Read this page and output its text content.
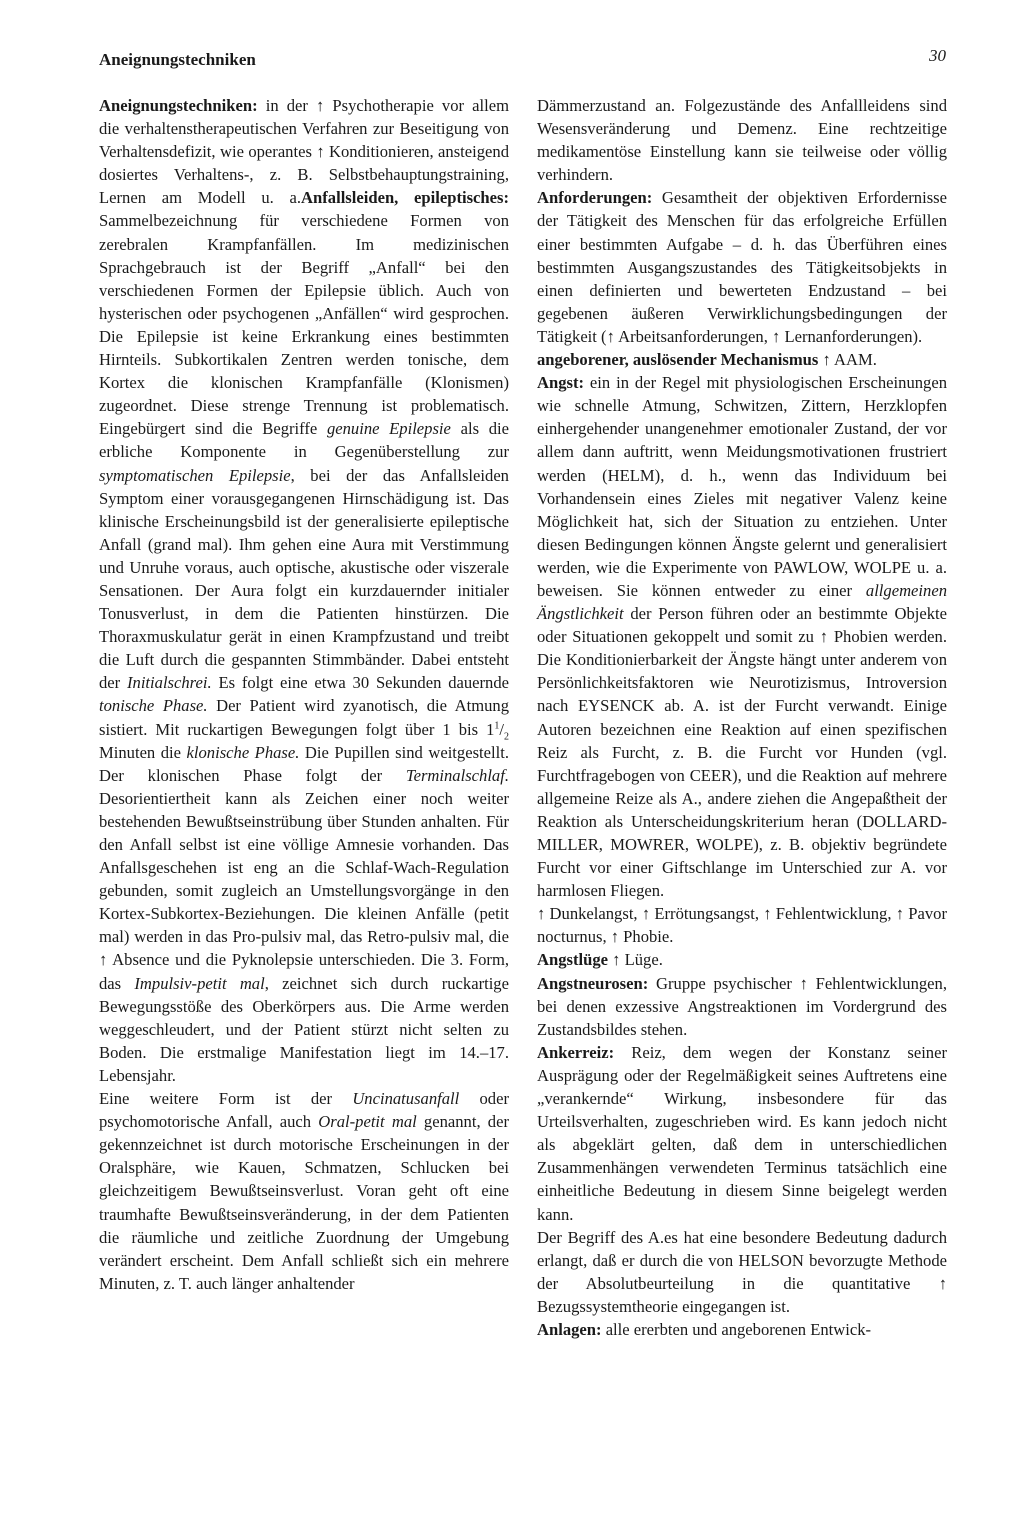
Aneignungstechniken	30

Aneignungstechniken: in der ↑ Psychotherapie vor allem die verhaltenstherapeutischen Verfahren zur Beseitigung von Verhaltensdefizit, wie operantes ↑ Konditionieren, ansteigend dosiertes Verhaltens-, z. B. Selbstbehauptungstraining, Lernen am Modell u. a.Anfallsleiden, epileptisches: Sammelbezeichnung für verschiedene Formen von zerebralen Krampfanfällen. Im medizinischen Sprachgebrauch ist der Begriff „Anfall“ bei den verschiedenen Formen der Epilepsie üblich. Auch von hysterischen oder psychogenen „Anfällen“ wird gesprochen. Die Epilepsie ist keine Erkrankung eines bestimmten Hirnteils. Subkortikalen Zentren werden tonische, dem Kortex die klonischen Krampfanfälle (Klonismen) zugeordnet. Diese strenge Trennung ist problematisch. Eingebürgert sind die Begriffe genuine Epilepsie als die erbliche Komponente in Gegenüberstellung zur symptomatischen Epilepsie, bei der das Anfallsleiden Symptom einer vorausgegangenen Hirnschädigung ist. Das klinische Erscheinungsbild ist der generalisierte epileptische Anfall (grand mal). Ihm gehen eine Aura mit Verstimmung und Unruhe voraus, auch optische, akustische oder viszerale Sensationen. Der Aura folgt ein kurzdauernder initialer Tonusverlust, in dem die Patienten hinstürzen. Die Thoraxmuskulatur gerät in einen Krampfzustand und treibt die Luft durch die gespannten Stimmbänder. Dabei entsteht der Initialschrei. Es folgt eine etwa 30 Sekunden dauernde tonische Phase. Der Patient wird zyanotisch, die Atmung sistiert. Mit ruckartigen Bewegungen folgt über 1 bis $1^1/_2$ Minuten die klonische Phase. Die Pupillen sind weitgestellt. Der klonischen Phase folgt der Terminalschlaf. Desorientiertheit kann als Zeichen einer noch weiter bestehenden Bewußtseinstrübung über Stunden anhalten. Für den Anfall selbst ist eine völlige Amnesie vorhanden. Das Anfallsgeschehen ist eng an die Schlaf-Wach-Regulation gebunden, somit zugleich an Umstellungsvorgänge in den Kortex-Subkortex-Beziehungen. Die kleinen Anfälle (petit mal) werden in das Pro-pulsiv mal, das Retro-pulsiv mal, die ↑ Absence und die Pyknolepsie unterschieden. Die 3. Form, das Impulsiv-petit mal, zeichnet sich durch ruckartige Bewegungsstöße des Oberkörpers aus. Die Arme werden weggeschleudert, und der Patient stürzt nicht selten zu Boden. Die erstmalige Manifestation liegt im 14.–17. Lebensjahr.
Eine weitere Form ist der Uncinatusanfall oder psychomotorische Anfall, auch Oral-petit mal genannt, der gekennzeichnet ist durch motorische Erscheinungen in der Oralsphäre, wie Kauen, Schmatzen, Schlucken bei gleichzeitigem Bewußtseinsverlust. Voran geht oft eine traumhafte Bewußtseinsveränderung, in der dem Patienten die räumliche und zeitliche Zuordnung der Umgebung verändert erscheint. Dem Anfall schließt sich ein mehrere Minuten, z. T. auch länger anhaltender

Dämmerzustand an. Folgezustände des Anfallleidens sind Wesensveränderung und Demenz. Eine rechtzeitige medikamentöse Einstellung kann sie teilweise oder völlig verhindern.
Anforderungen: Gesamtheit der objektiven Erfordernisse der Tätigkeit des Menschen für das erfolgreiche Erfüllen einer bestimmten Aufgabe – d. h. das Überführen eines bestimmten Ausgangszustandes des Tätigkeitsobjekts in einen definierten und bewerteten Endzustand – bei gegebenen äußeren Verwirklichungsbedingungen der Tätigkeit (↑ Arbeitsanforderungen, ↑ Lernanforderungen).
angeborener, auslösender Mechanismus ↑ AAM.
Angst: ein in der Regel mit physiologischen Erscheinungen wie schnelle Atmung, Schwitzen, Zittern, Herzklopfen einhergehender unangenehmer emotionaler Zustand, der vor allem dann auftritt, wenn Meidungsmotivationen frustriert werden (HELM), d. h., wenn das Individuum bei Vorhandensein eines Zieles mit negativer Valenz keine Möglichkeit hat, sich der Situation zu entziehen. Unter diesen Bedingungen können Ängste gelernt und generalisiert werden, wie die Experimente von PAWLOW, WOLPE u. a. beweisen. Sie können entweder zu einer allgemeinen Ängstlichkeit der Person führen oder an bestimmte Objekte oder Situationen gekoppelt und somit zu ↑ Phobien werden. Die Konditionierbarkeit der Ängste hängt unter anderem von Persönlichkeitsfaktoren wie Neurotizismus, Introversion nach EYSENCK ab. A. ist der Furcht verwandt. Einige Autoren bezeichnen eine Reaktion auf einen spezifischen Reiz als Furcht, z. B. die Furcht vor Hunden (vgl. Furchtfragebogen von CEER), und die Reaktion auf mehrere allgemeine Reize als A., andere ziehen die Angepaßtheit der Reaktion als Unterscheidungskriterium heran (DOLLARD-MILLER, MOWRER, WOLPE), z. B. objektiv begründete Furcht vor einer Giftschlange im Unterschied zur A. vor harmlosen Fliegen.
↑ Dunkelangst, ↑ Errötungsangst, ↑ Fehlentwicklung, ↑ Pavor nocturnus, ↑ Phobie.
Angstlüge ↑ Lüge.
Angstneurosen: Gruppe psychischer ↑ Fehlentwicklungen, bei denen exzessive Angstreaktionen im Vordergrund des Zustandsbildes stehen.
Ankerreiz: Reiz, dem wegen der Konstanz seiner Ausprägung oder der Regelmäßigkeit seines Auftretens eine „verankernde“ Wirkung, insbesondere für das Urteilsverhalten, zugeschrieben wird. Es kann jedoch nicht als abgeklärt gelten, daß dem in unterschiedlichen Zusammenhängen verwendeten Terminus tatsächlich eine einheitliche Bedeutung in diesem Sinne beigelegt werden kann.
Der Begriff des A.es hat eine besondere Bedeutung dadurch erlangt, daß er durch die von HELSON bevorzugte Methode der Absolutbeurteilung in die quantitative ↑ Bezugssystemtheorie eingegangen ist.
Anlagen: alle ererbten und angeborenen Entwick-
